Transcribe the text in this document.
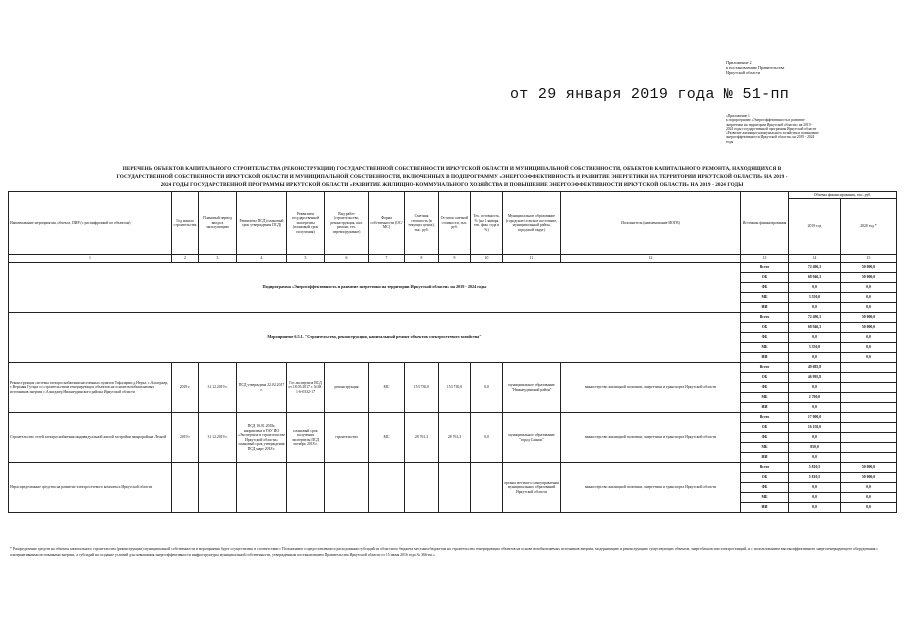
Приложение 2
к постановлению Правительства
Иркутской области
от 29 января 2019 года № 51-пп
«Приложение 1
к подпрограмме «Энергоэффективность и развитие
энергетики на территории Иркутской области» на 2019 -
2024 годы государственной программы Иркутской области
«Развитие жилищно-коммунального хозяйства и повышение
энергоэффективности Иркутской области» на 2019 - 2024
годы
ПЕРЕЧЕНЬ ОБЪЕКТОВ КАПИТАЛЬНОГО СТРОИТЕЛЬСТВА (РЕКОНСТРУКЦИИ) ГОСУДАРСТВЕННОЙ СОБСТВЕННОСТИ ИРКУТСКОЙ ОБЛАСТИ И МУНИЦИПАЛЬНОЙ СОБСТВЕННОСТИ, ОБЪЕКТОВ КАПИТАЛЬНОГО РЕМОНТА, НАХОДЯЩИХСЯ В
ГОСУДАРСТВЕННОЙ СОБСТВЕННОСТИ ИРКУТСКОЙ ОБЛАСТИ И МУНИЦИПАЛЬНОЙ СОБСТВЕННОСТИ, ВКЛЮЧЕННЫХ В ПОДПРОГРАММУ «ЭНЕРГОЭФФЕКТИВНОСТЬ И РАЗВИТИЕ ЭНЕРГЕТИКИ НА ТЕРРИТОРИИ ИРКУТСКОЙ ОБЛАСТИ» НА 2019 -
2024 ГОДЫ ГОСУДАРСТВЕННОЙ ПРОГРАММЫ ИРКУТСКОЙ ОБЛАСТИ «РАЗВИТИЕ ЖИЛИЩНО-КОММУНАЛЬНОГО ХОЗЯЙСТВА И ПОВЫШЕНИЕ ЭНЕРГОЭФФЕКТИВНОСТИ ИРКУТСКОЙ ОБЛАСТИ» НА 2019 - 2024 ГОДЫ
Наименование мероприятия, объекта, ПИР (с расшифровкой по объектам)	Год начала строительства	Плановый период ввода в эксплуатацию	Реквизиты ПСД (плановый срок утверждения ПСД)	Реквизиты государственной экспертизы (плановый срок получения)	Вид работ (строительство, реконструкция, кап. ремонт, тех. перевооружение)	Форма собственности (ОС/МС)	Сметная стоимость (в текущих ценах), тыс. руб.	Остаток сметной стоимости, тыс. руб.	Тех. готовность, % (на 1 января тек. фин. года в %)	Муниципальное образование (городское/сельское поселение, муниципальный район, городской округ)	Исполнитель (наименование ИОГВ)	Источник финансирования	Объемы финансирования, тыс. руб.	
													2019 год	2020 год *
1	2	3	4	5	6	7	8	9	10	11	12	13	14	15
Подпрограмма «Энергоэффективность и развитие энергетики на территории Иркутской области» на 2019 - 2024 годы												Всего	72 496,3	50 000,0
												ОБ	68 946,3	50 000,0
												ФБ	0,0	0,0
												МБ	3 550,0	0,0
												ИИ	0,0	0,0
Мероприятие 6.5.1. "Строительство, реконструкция, капитальный ремонт объектов электросетевого хозяйства"												Всего	72 496,3	50 000,0
												ОБ	68 946,3	50 000,0
												ФБ	0,0	0,0
												МБ	3 550,0	0,0
												ИИ	0,0	0,0
Реконструкция системы электроснабжения населенных пунктов Тофаларии д.Нерха, с.Алыгджер, с.Верхняя Гутара со строительством генерирующих объектов на основе возобновляемых источников энергии с.Алыгджер Нижнеудинского района Иркутской области	2019 г.	31.12.2019 г.	ПСД утверждена 22.02.2017 г.	Гос.экспертиза ВСД от 18.05.2017 г. №38-1-6-0332-17	реконструкция	МС	153 730,0	153 730,0	0,0	муниципальное образование "Нижнеудинский район"	министерство жилищной политики, энергетики и транспорта Иркутской области	Всего	49 685,8	
												ОБ	46 995,8	
												ФБ	0,0	
												МБ	2 700,0	
												ИИ	0,0	
Строительство сетей электроснабжения индивидуальной жилой застройки микрорайона Лесной	2019 г	31.12.2019 г.	ПСД 10.01.2018г. направлена в ГАУ ИО «Экспертиза в строительстве Иркутской области» плановый срок утверждения ПСД март 2018 г.	плановый срок получения экспертизы ПСД октябрь 2018 г.	строительство	МС	28 761,3	28 761,3	0,0	муниципальное образование "город Саянск"	министерство жилищной политики, энергетики и транспорта Иркутской области	Всего	17 000,0	
												ОБ	16 150,0	
												ФБ	0,0	
												МБ	850,0	
												ИИ	0,0	
Нераспределенные средства на развитие электросетевого комплекса Иркутской области										органы местного самоуправления муниципальных образований Иркутской области	министерство жилищной политики, энергетики и транспорта Иркутской области	Всего	5 810,5	50 000,0
												ОБ	5 810,5	50 000,0
												ФБ	0,0	0,0
												МБ	0,0	0,0
												ИИ	0,0	0,0
* Распределение средств на объекты капитального строительства (реконструкции) муниципальной собственности и мероприятия будет осуществлено в соответствии с Положением о предоставлении и расходовании субсидий из областного бюджета местным бюджетам на строительство генерирующих объектов на основе возобновляемых источников энергии, модернизацию и реконструкцию существующих объектов, энергоблоков или электростанций, и с использованием высокоэффективного энергогенерирующего оборудования с альтернативными источниками энергии, а субсидий на создание условий для повышения энергоэффективности инфраструктуры муниципальной собственности, утвержденным постановлением Правительства Иркутской области от 15 июня 2016 года № 366-пп.»
